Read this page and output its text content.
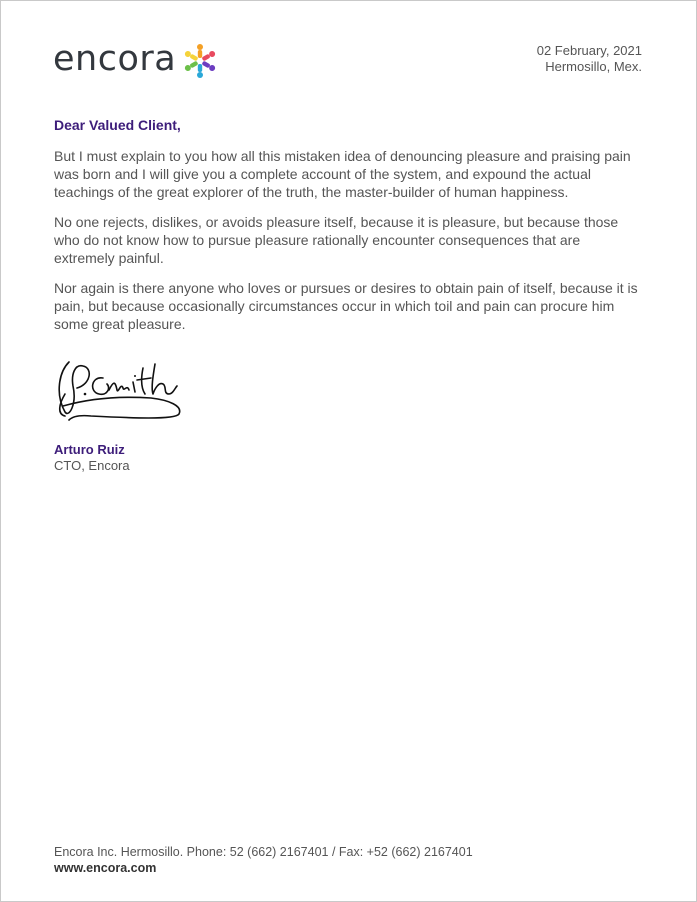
encora	02 February, 2021
Hermosillo, Mex.
Dear Valued Client,

But I must explain to you how all this mistaken idea of denouncing pleasure and praising pain was born and I will give you a complete account of the system, and expound the actual teachings of the great explorer of the truth, the master-builder of human happiness.

No one rejects, dislikes, or avoids pleasure itself, because it is pleasure, but because those who do not know how to pursue pleasure rationally encounter consequences that are extremely painful.

Nor again is there anyone who loves or pursues or desires to obtain pain of itself, because it is pain, but because occasionally circumstances occur in which toil and pain can procure him some great pleasure.

Arturo Ruiz
CTO, Encora
Encora Inc. Hermosillo. Phone: 52 (662) 2167401 / Fax: +52 (662) 2167401
www.encora.com
